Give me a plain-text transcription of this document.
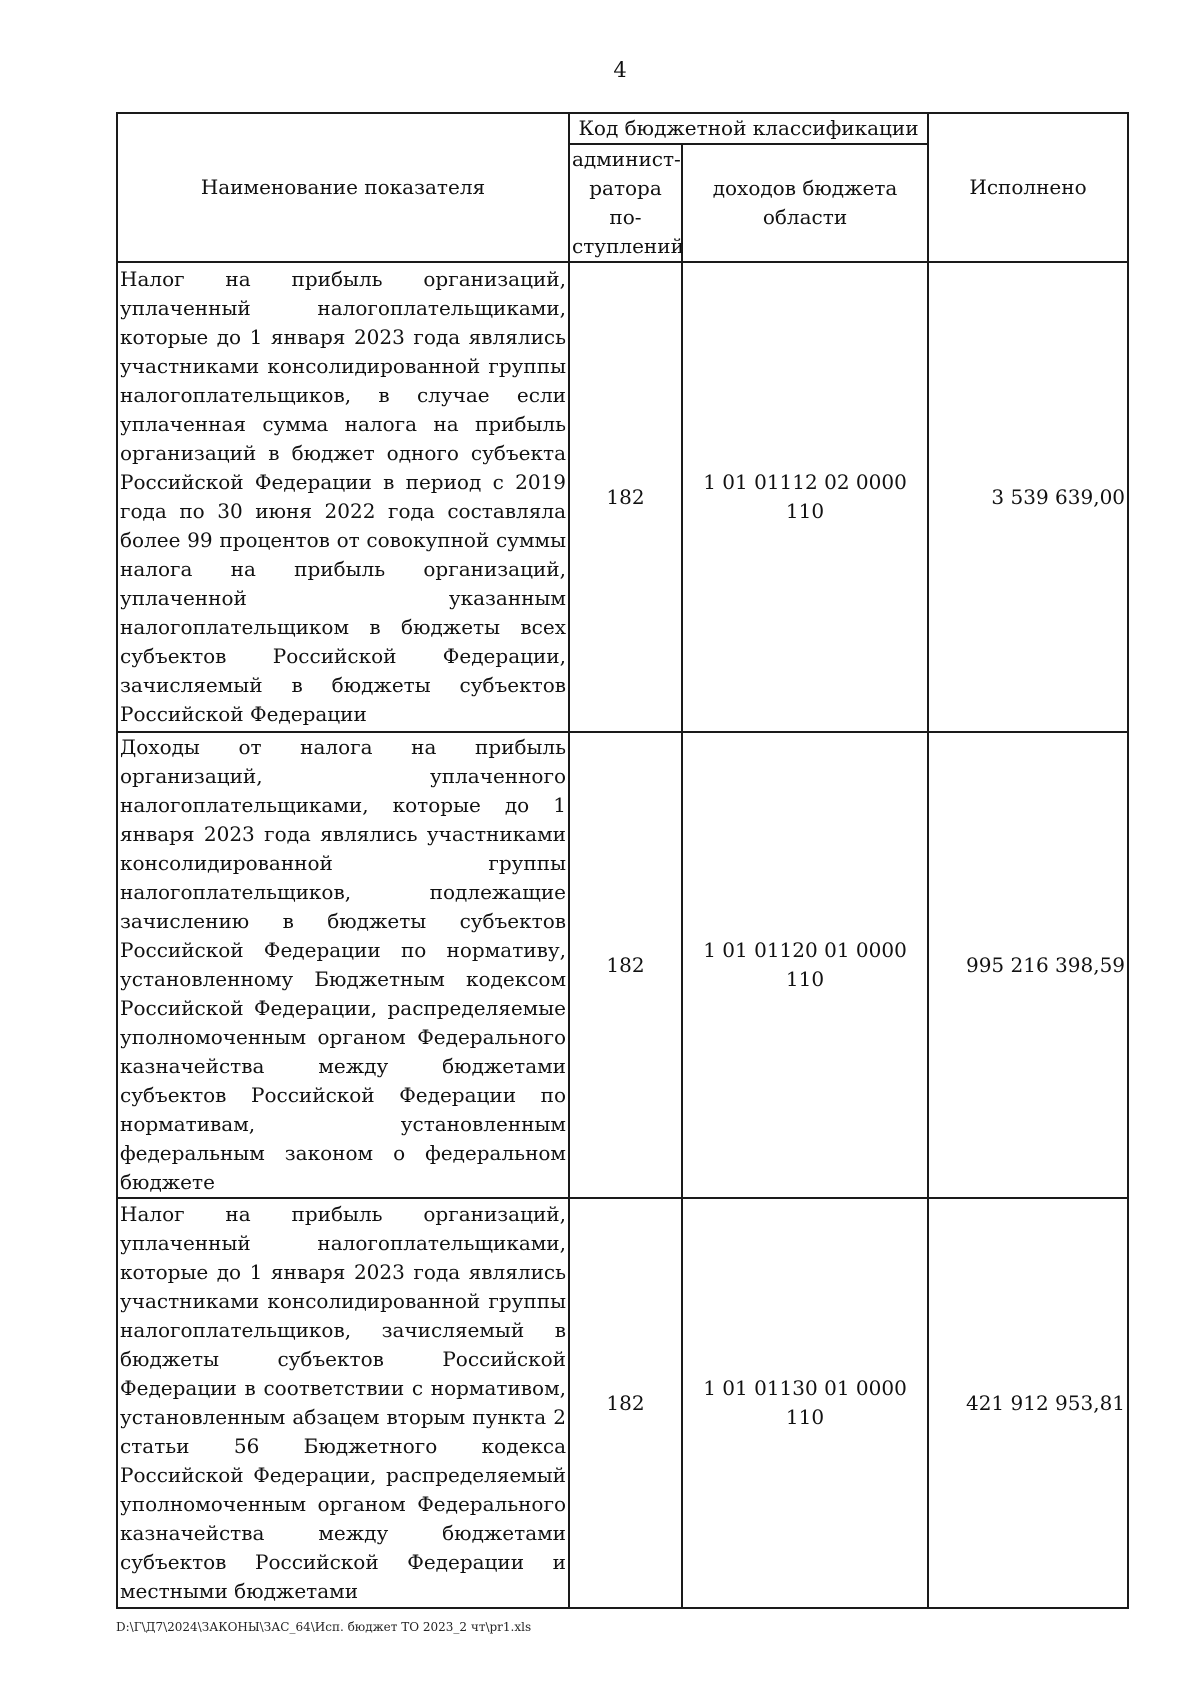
4
Наименование показателя	Код бюджетной классификации		Исполнено
	админист-ратора по-ступлений	доходов бюджета области	
Налог на прибыль организаций, уплаченный налогоплательщиками, которые до 1 января 2023 года являлись участниками консолидированной группы налогоплательщиков, в случае если уплаченная сумма налога на прибыль организаций в бюджет одного субъекта Российской Федерации в период с 2019 года по 30 июня 2022 года составляла более 99 процентов от совокупной суммы налога на прибыль организаций, уплаченной указанным налогоплательщиком в бюджеты всех субъектов Российской Федерации, зачисляемый в бюджеты субъектов Российской Федерации	182	1 01 01112 02 0000 110	3 539 639,00
Доходы от налога на прибыль организаций, уплаченного налогоплательщиками, которые до 1 января 2023 года являлись участниками консолидированной группы налогоплательщиков, подлежащие зачислению в бюджеты субъектов Российской Федерации по нормативу, установленному Бюджетным кодексом Российской Федерации, распределяемые уполномоченным органом Федерального казначейства между бюджетами субъектов Российской Федерации по нормативам, установленным федеральным законом о федеральном бюджете	182	1 01 01120 01 0000 110	995 216 398,59
Налог на прибыль организаций, уплаченный налогоплательщиками, которые до 1 января 2023 года являлись участниками консолидированной группы налогоплательщиков, зачисляемый в бюджеты субъектов Российской Федерации в соответствии с нормативом, установленным абзацем вторым пункта 2 статьи 56 Бюджетного кодекса Российской Федерации, распределяемый уполномоченным органом Федерального казначейства между бюджетами субъектов Российской Федерации и местными бюджетами	182	1 01 01130 01 0000 110	421 912 953,81
D:\Г\Д7\2024\ЗАКОНЫ\ЗАС_64\Исп. бюджет ТО 2023_2 чт\pr1.xls
